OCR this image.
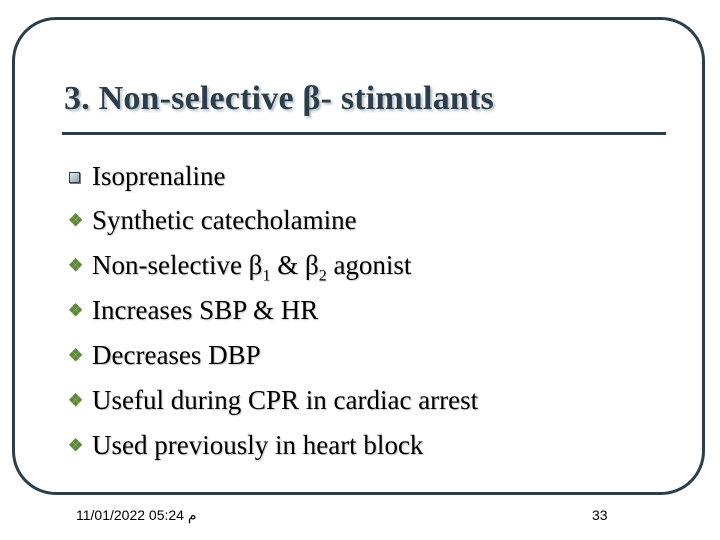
3. Non-selective β- stimulants
Isoprenaline
❖ Synthetic catecholamine
❖ Non-selective $\beta_1$ & $\beta_2$ agonist
❖ Increases SBP & HR
❖ Decreases DBP
❖ Useful during CPR in cardiac arrest
❖ Used previously in heart block
م 05:24 11/01/2022	33
